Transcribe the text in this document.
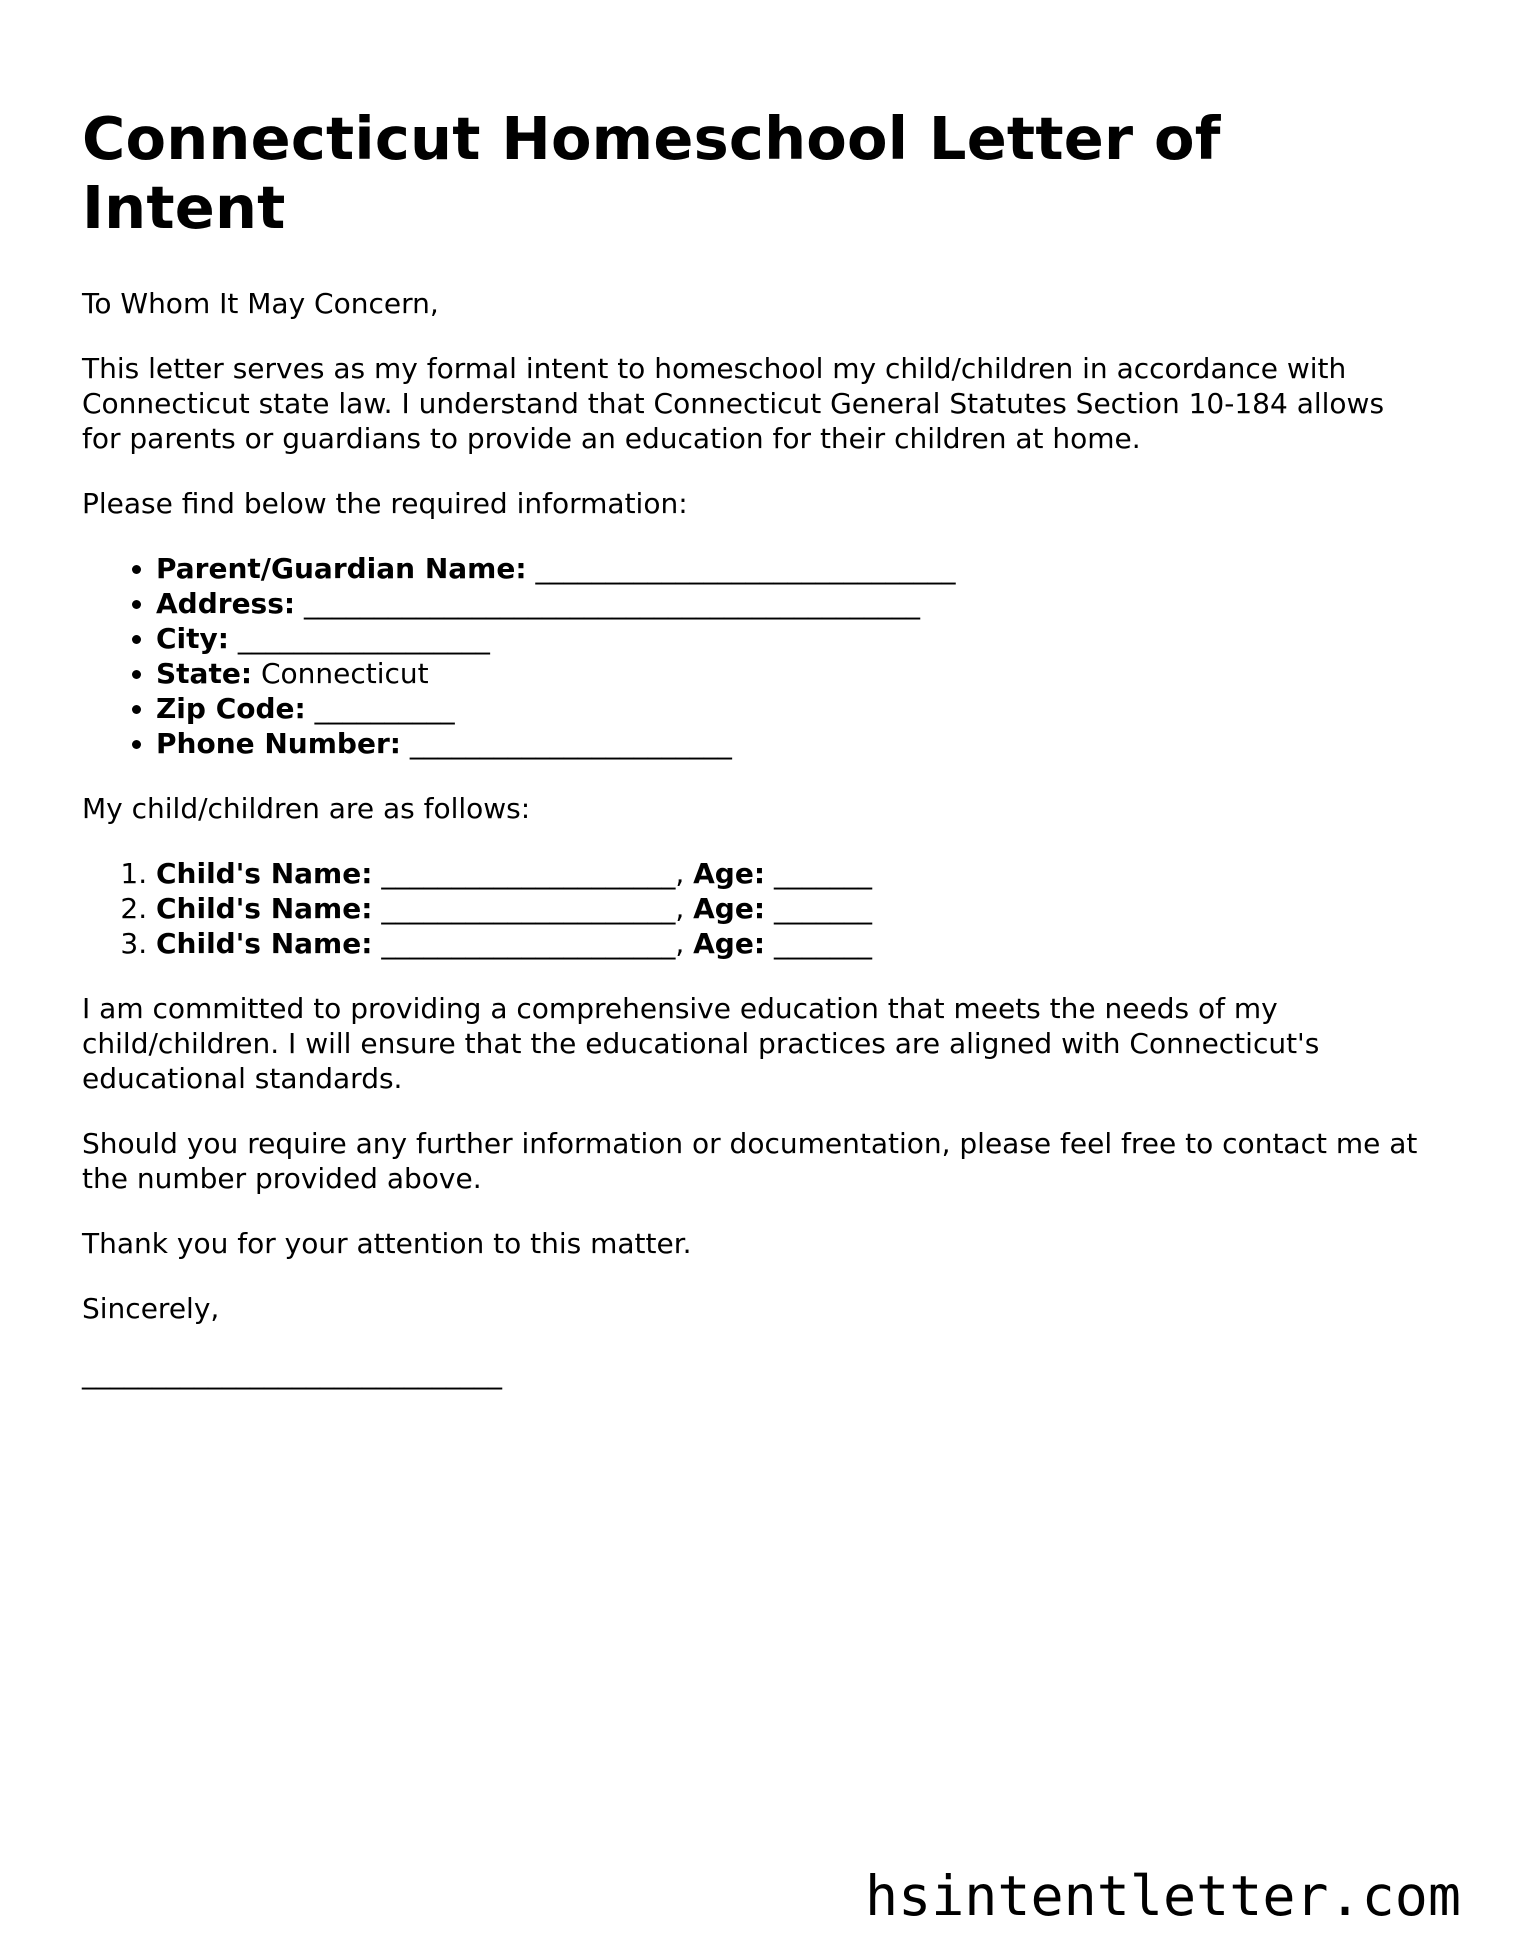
Connecticut Homeschool Letter of Intent

To Whom It May Concern,

This letter serves as my formal intent to homeschool my child/children in accordance with Connecticut state law. I understand that Connecticut General Statutes Section 10-184 allows for parents or guardians to provide an education for their children at home.

Please find below the required information:

• Parent/Guardian Name: ______________________________
• Address: ____________________________________________
• City: __________________
• State: Connecticut
• Zip Code: __________
• Phone Number: _______________________

My child/children are as follows:

1. Child's Name: _____________________, Age: _______
2. Child's Name: _____________________, Age: _______
3. Child's Name: _____________________, Age: _______

I am committed to providing a comprehensive education that meets the needs of my child/children. I will ensure that the educational practices are aligned with Connecticut's educational standards.

Should you require any further information or documentation, please feel free to contact me at the number provided above.

Thank you for your attention to this matter.

Sincerely,

______________________________
hsintentletter.com
